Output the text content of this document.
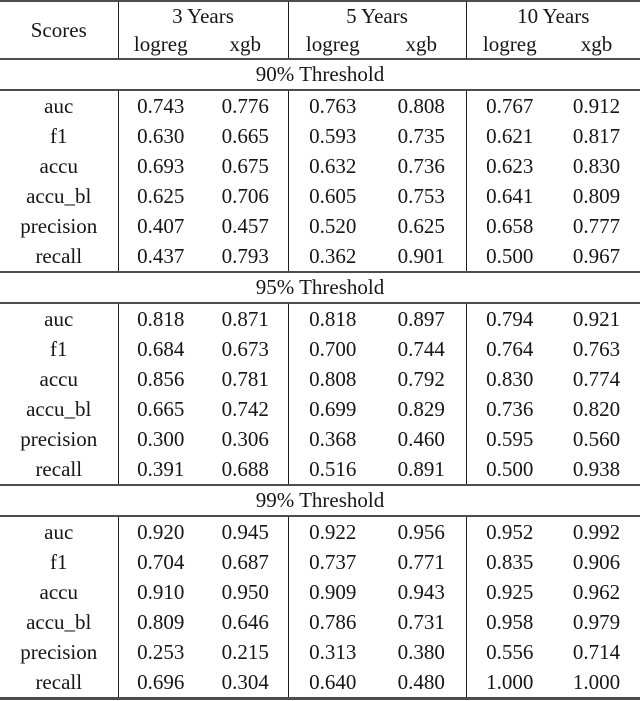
Scores	3 Years		5 Years		10 Years	
	logreg	xgb	logreg	xgb	logreg	xgb
90% Threshold						
auc	0.743	0.776	0.763	0.808	0.767	0.912
f1	0.630	0.665	0.593	0.735	0.621	0.817
accu	0.693	0.675	0.632	0.736	0.623	0.830
accu_bl	0.625	0.706	0.605	0.753	0.641	0.809
precision	0.407	0.457	0.520	0.625	0.658	0.777
recall	0.437	0.793	0.362	0.901	0.500	0.967
95% Threshold						
auc	0.818	0.871	0.818	0.897	0.794	0.921
f1	0.684	0.673	0.700	0.744	0.764	0.763
accu	0.856	0.781	0.808	0.792	0.830	0.774
accu_bl	0.665	0.742	0.699	0.829	0.736	0.820
precision	0.300	0.306	0.368	0.460	0.595	0.560
recall	0.391	0.688	0.516	0.891	0.500	0.938
99% Threshold						
auc	0.920	0.945	0.922	0.956	0.952	0.992
f1	0.704	0.687	0.737	0.771	0.835	0.906
accu	0.910	0.950	0.909	0.943	0.925	0.962
accu_bl	0.809	0.646	0.786	0.731	0.958	0.979
precision	0.253	0.215	0.313	0.380	0.556	0.714
recall	0.696	0.304	0.640	0.480	1.000	1.000
